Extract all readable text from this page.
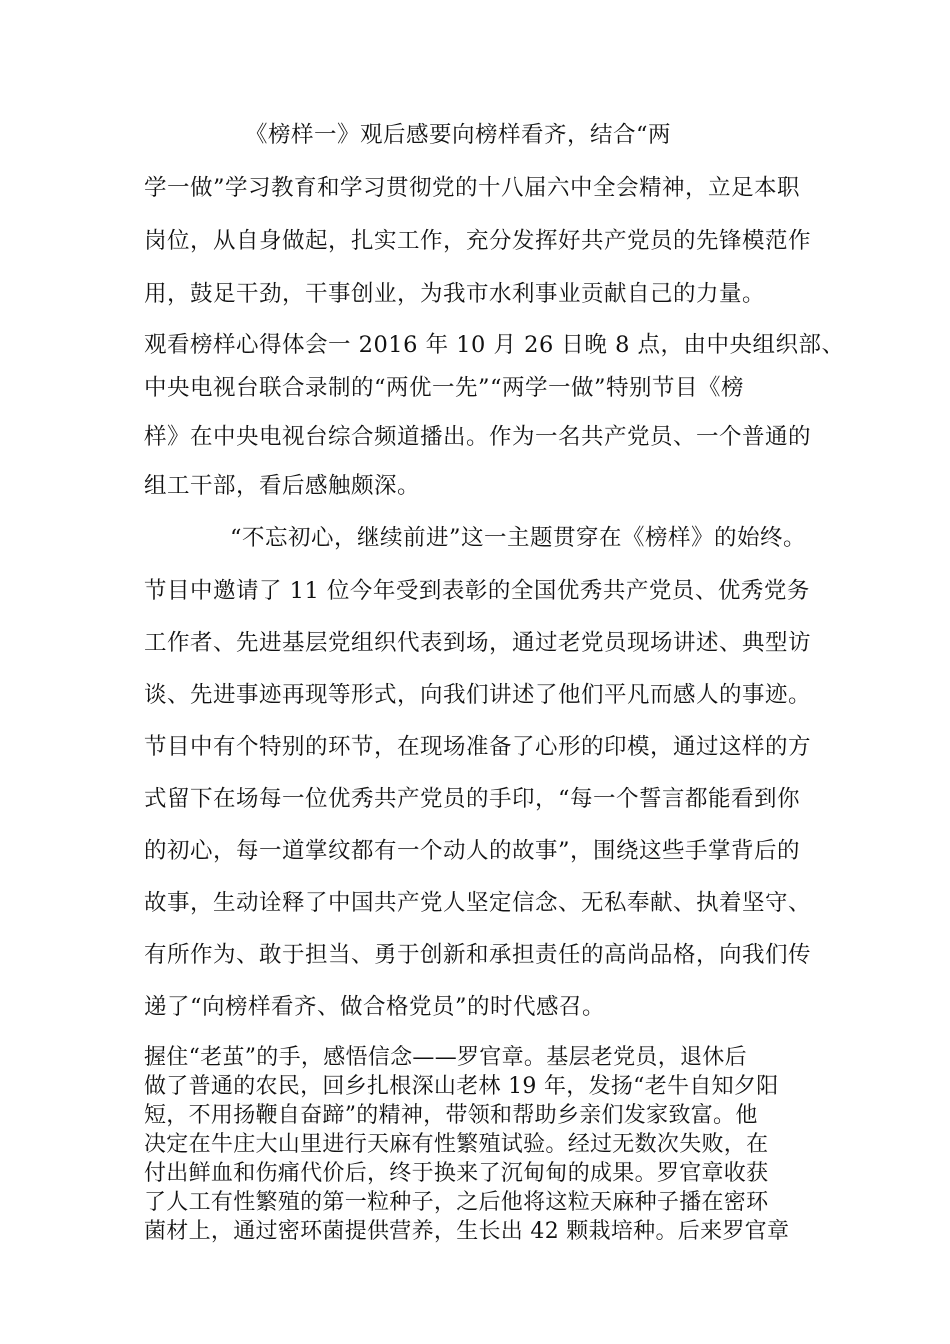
《榜样一》观后感要向榜样看齐，结合“两
学一做”学习教育和学习贯彻党的十八届六中全会精神，立足本职
岗位，从自身做起，扎实工作，充分发挥好共产党员的先锋模范作
用，鼓足干劲，干事创业，为我市水利事业贡献自己的力量。
观看榜样心得体会一 2016 年 10 月 26 日晚 8 点，由中央组织部、
中央电视台联合录制的“两优一先”“两学一做”特别节目《榜
样》在中央电视台综合频道播出。作为一名共产党员、一个普通的
组工干部，看后感触颇深。
“不忘初心，继续前进”这一主题贯穿在《榜样》的始终。
节目中邀请了 11 位今年受到表彰的全国优秀共产党员、优秀党务
工作者、先进基层党组织代表到场，通过老党员现场讲述、典型访
谈、先进事迹再现等形式，向我们讲述了他们平凡而感人的事迹。
节目中有个特别的环节，在现场准备了心形的印模，通过这样的方
式留下在场每一位优秀共产党员的手印，“每一个誓言都能看到你
的初心，每一道掌纹都有一个动人的故事”，围绕这些手掌背后的
故事，生动诠释了中国共产党人坚定信念、无私奉献、执着坚守、
有所作为、敢于担当、勇于创新和承担责任的高尚品格，向我们传
递了“向榜样看齐、做合格党员”的时代感召。
握住“老茧”的手，感悟信念——罗官章。基层老党员，退休后
做了普通的农民，回乡扎根深山老林 19 年，发扬“老牛自知夕阳
短，不用扬鞭自奋蹄”的精神，带领和帮助乡亲们发家致富。他
决定在牛庄大山里进行天麻有性繁殖试验。经过无数次失败，在
付出鲜血和伤痛代价后，终于换来了沉甸甸的成果。罗官章收获
了人工有性繁殖的第一粒种子，之后他将这粒天麻种子播在密环
菌材上，通过密环菌提供营养，生长出 42 颗栽培种。后来罗官章
